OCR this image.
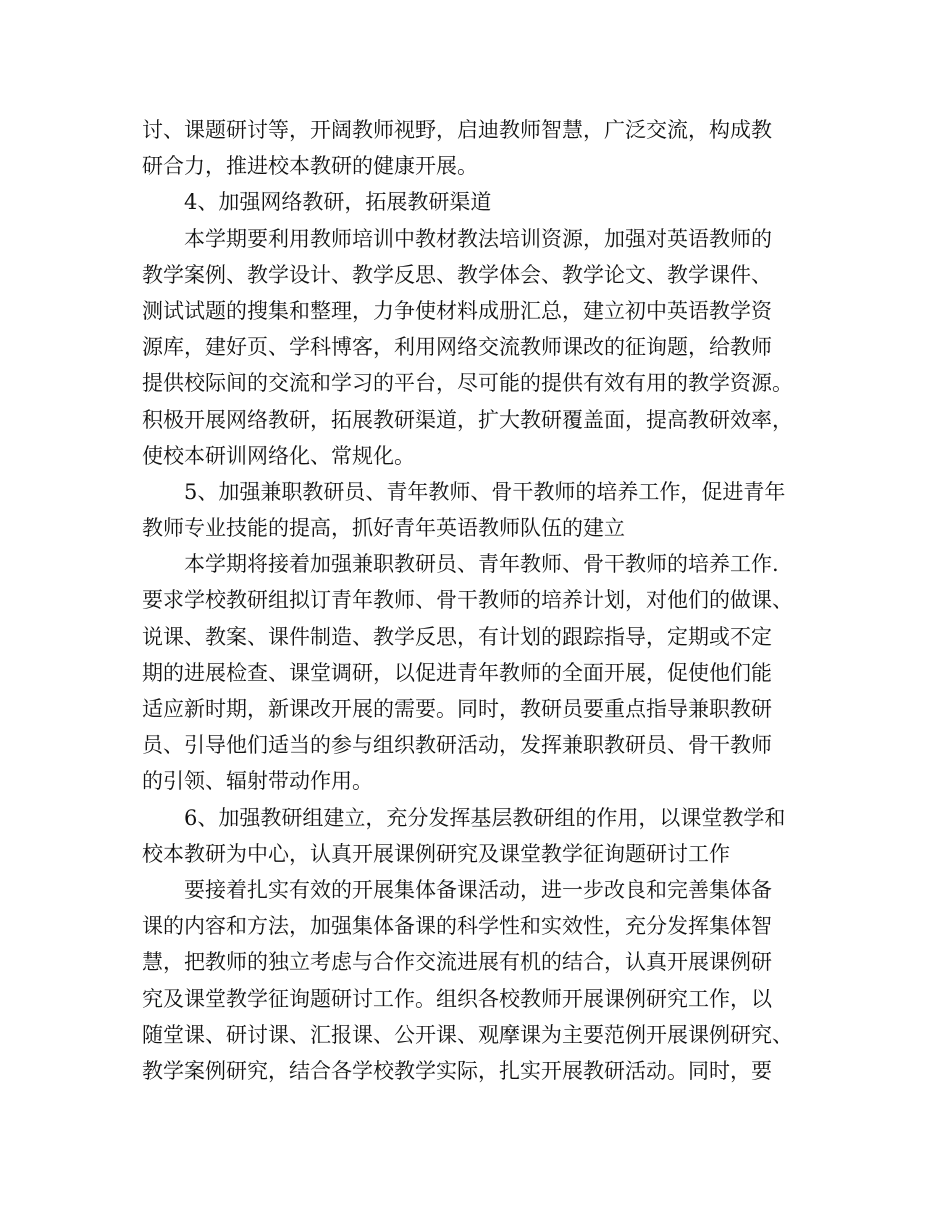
讨、课题研讨等，开阔教师视野，启迪教师智慧，广泛交流，构成教
研合力，推进校本教研的健康开展。
4、加强网络教研，拓展教研渠道
本学期要利用教师培训中教材教法培训资源，加强对英语教师的
教学案例、教学设计、教学反思、教学体会、教学论文、教学课件、
测试试题的搜集和整理，力争使材料成册汇总，建立初中英语教学资
源库，建好页、学科博客，利用网络交流教师课改的征询题，给教师
提供校际间的交流和学习的平台，尽可能的提供有效有用的教学资源。
积极开展网络教研，拓展教研渠道，扩大教研覆盖面，提高教研效率，
使校本研训网络化、常规化。
5、加强兼职教研员、青年教师、骨干教师的培养工作，促进青年
教师专业技能的提高，抓好青年英语教师队伍的建立
本学期将接着加强兼职教研员、青年教师、骨干教师的培养工作.
要求学校教研组拟订青年教师、骨干教师的培养计划，对他们的做课、
说课、教案、课件制造、教学反思，有计划的跟踪指导，定期或不定
期的进展检查、课堂调研，以促进青年教师的全面开展，促使他们能
适应新时期，新课改开展的需要。同时，教研员要重点指导兼职教研
员、引导他们适当的参与组织教研活动，发挥兼职教研员、骨干教师
的引领、辐射带动作用。
6、加强教研组建立，充分发挥基层教研组的作用，以课堂教学和
校本教研为中心，认真开展课例研究及课堂教学征询题研讨工作
要接着扎实有效的开展集体备课活动，进一步改良和完善集体备
课的内容和方法，加强集体备课的科学性和实效性，充分发挥集体智
慧，把教师的独立考虑与合作交流进展有机的结合，认真开展课例研
究及课堂教学征询题研讨工作。组织各校教师开展课例研究工作，以
随堂课、研讨课、汇报课、公开课、观摩课为主要范例开展课例研究、
教学案例研究，结合各学校教学实际，扎实开展教研活动。同时，要
